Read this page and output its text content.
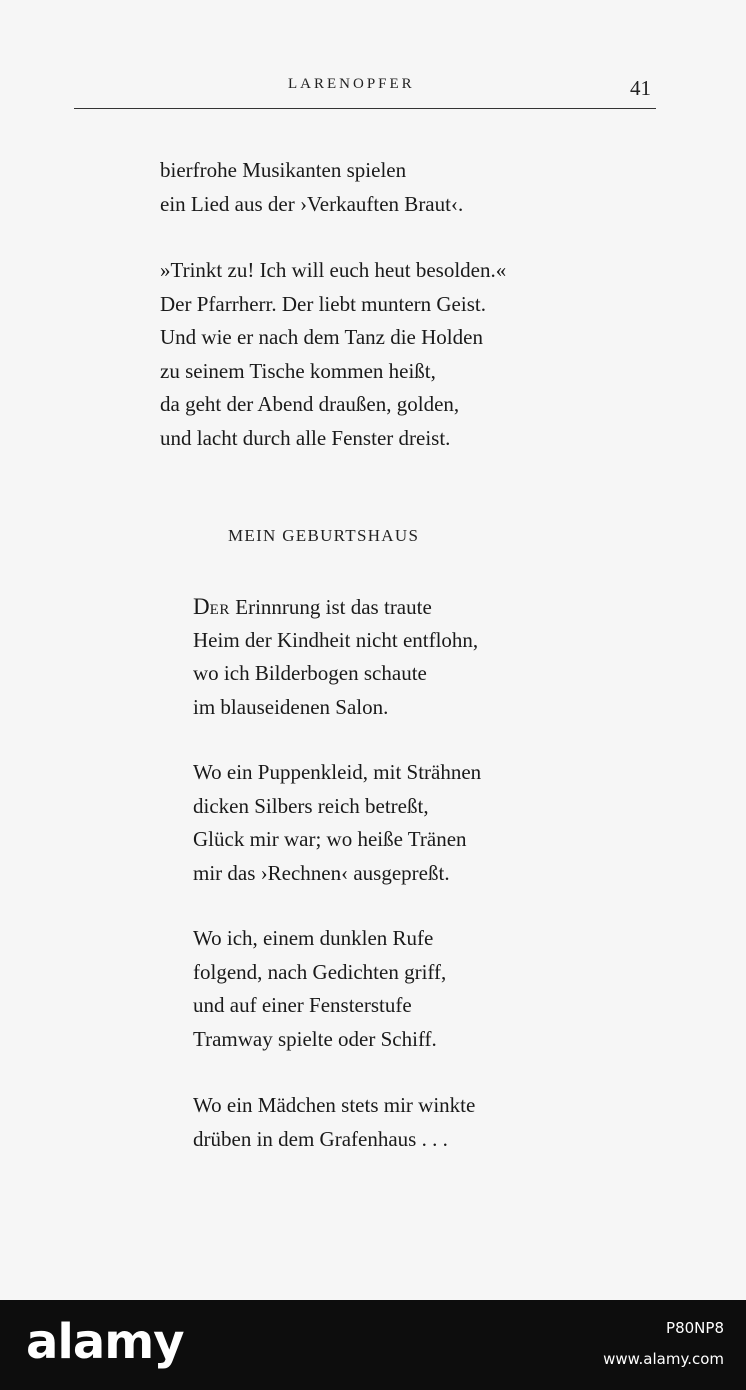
LARENOPFER	41
bierfrohe Musikanten spielen
ein Lied aus der ›Verkauften Braut‹.
»Trinkt zu! Ich will euch heut besolden.«
Der Pfarrherr. Der liebt muntern Geist.
Und wie er nach dem Tanz die Holden
zu seinem Tische kommen heißt,
da geht der Abend draußen, golden,
und lacht durch alle Fenster dreist.
MEIN GEBURTSHAUS
DER Erinnrung ist das traute
Heim der Kindheit nicht entflohn,
wo ich Bilderbogen schaute
im blauseidenen Salon.
Wo ein Puppenkleid, mit Strähnen
dicken Silbers reich betreßt,
Glück mir war; wo heiße Tränen
mir das ›Rechnen‹ ausgepreßt.
Wo ich, einem dunklen Rufe
folgend, nach Gedichten griff,
und auf einer Fensterstufe
Tramway spielte oder Schiff.
Wo ein Mädchen stets mir winkte
drüben in dem Grafenhaus . . .
alamy	P80NP8
www.alamy.com
